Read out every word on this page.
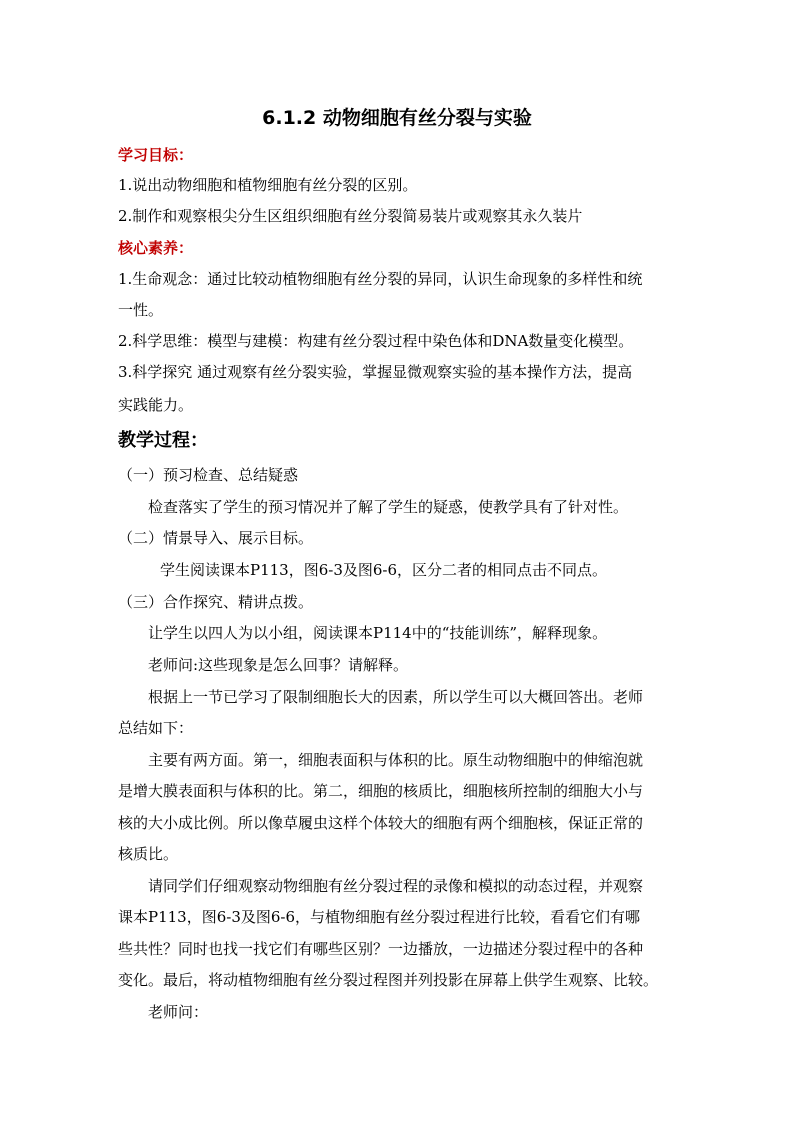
6.1.2 动物细胞有丝分裂与实验
学习目标：
1.说出动物细胞和植物细胞有丝分裂的区别。
2.制作和观察根尖分生区组织细胞有丝分裂简易装片或观察其永久装片
核心素养：
1.生命观念：通过比较动植物细胞有丝分裂的异同，认识生命现象的多样性和统
一性。
2.科学思维：模型与建模：构建有丝分裂过程中染色体和DNA数量变化模型。
3.科学探究 通过观察有丝分裂实验，掌握显微观察实验的基本操作方法，提高
实践能力。
教学过程：
（一）预习检查、总结疑惑
检查落实了学生的预习情况并了解了学生的疑惑，使教学具有了针对性。
（二）情景导入、展示目标。
学生阅读课本P113，图6-3及图6-6，区分二者的相同点击不同点。
（三）合作探究、精讲点拨。
让学生以四人为以小组，阅读课本P114中的“技能训练”，解释现象。
老师问:这些现象是怎么回事？请解释。
根据上一节已学习了限制细胞长大的因素，所以学生可以大概回答出。老师
总结如下：
主要有两方面。第一，细胞表面积与体积的比。原生动物细胞中的伸缩泡就
是增大膜表面积与体积的比。第二，细胞的核质比，细胞核所控制的细胞大小与
核的大小成比例。所以像草履虫这样个体较大的细胞有两个细胞核，保证正常的
核质比。
请同学们仔细观察动物细胞有丝分裂过程的录像和模拟的动态过程，并观察
课本P113，图6-3及图6-6，与植物细胞有丝分裂过程进行比较，看看它们有哪
些共性？同时也找一找它们有哪些区别？一边播放，一边描述分裂过程中的各种
变化。最后，将动植物细胞有丝分裂过程图并列投影在屏幕上供学生观察、比较。
老师问：
